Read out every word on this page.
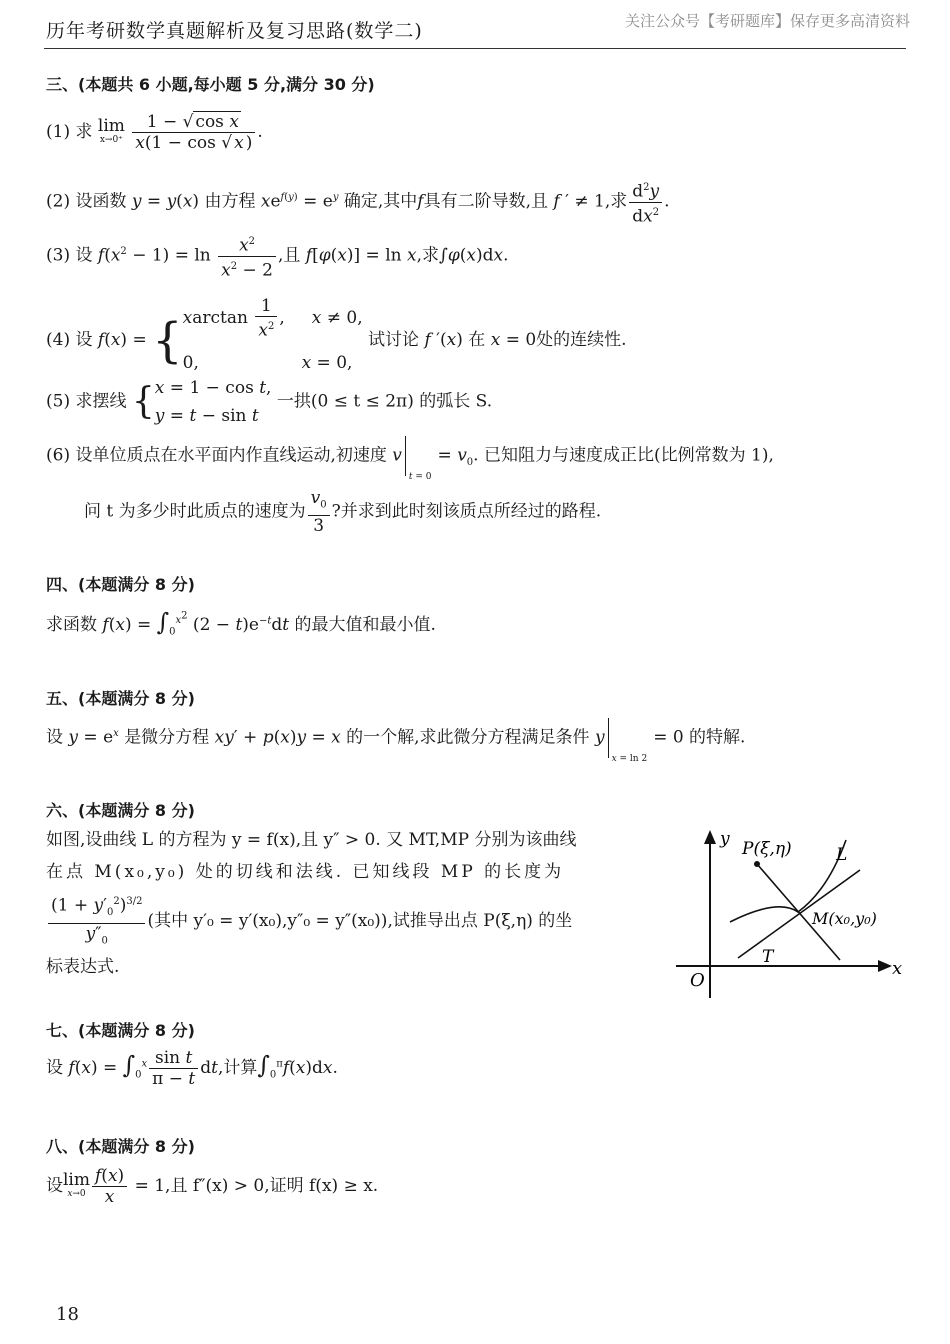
历年考研数学真题解析及复习思路(数学二)	关注公众号【考研题库】保存更多高清资料
三、(本题共 6 小题,每小题 5 分,满分 30 分)
(1) 求 lim
x→0⁺
$\frac{\text{1 − √ cos x}}{x(1 - \cos √ x )}$ .
(2) 设函数 y = y(x) 由方程 $xe^{f(y)} = e^y$ 确定,其中f具有二阶导数,且 f ′ ≠ 1,求 $\frac{d^2y}{dx^2}$ .
(3) 设 $f(x^2 - 1) = \ln \frac{x^2}{x^2 - 2}$ ,且 f[φ(x)] = ln x,求∫φ(x)dx.
(4) 设 f(x) = { xarctan $\frac{1}{x^2}$ ,     x ≠ 0,
0,                   x = 0,
试讨论 f ′(x) 在 x = 0处的连续性.
(5) 求摆线 { x = 1 − cos t,
y = t − sin t
一拱(0 ≤ t ≤ 2π) 的弧长 S.
(6) 设单位质点在水平面内作直线运动,初速度 $v_{t = 0}= v_0$. 已知阻力与速度成正比(比例常数为 1),
问 t 为多少时此质点的速度为 $\frac{v_0}{3}$ ?并求到此时刻该质点所经过的路程.
四、(本题满分 8 分)
求函数 $f(x) = \int_0^{x^2}$ $(2 - t)e^{-t}dt$ 的最大值和最小值.
五、(本题满分 8 分)
设 $y = e^x$ 是微分方程 xy′ + p(x)y = x 的一个解,求此微分方程满足条件 $y_{x = ln 2}= 0$ 的特解.
六、(本题满分 8 分)
如图,设曲线 L 的方程为 y = f(x),且 y″ > 0. 又 MT,MP 分别为该曲线
在点 M(x₀,y₀) 处的切线和法线. 已知线段 MP 的长度为
$\frac{(1 + y'_0^2)^{3/2}}{y''_0}$ (其中 y′₀ = y′(x₀),y″₀ = y″(x₀)),试推导出点 P(ξ,η) 的坐
标表达式.
y
x
O
P(ξ,η)	L
M(x₀,y₀)
T
七、(本题满分 8 分)
设 $f(x) = \int_0^x \frac{\text{sin t}}{\pi - t}$ dt,计算$\int_0^\pi f(x)dx$.
八、(本题满分 8 分)
设lim
$x\to 0 \frac{f(x)}{x} = 1$,且 f″(x) > 0,证明 f(x) ≥ x.
18
